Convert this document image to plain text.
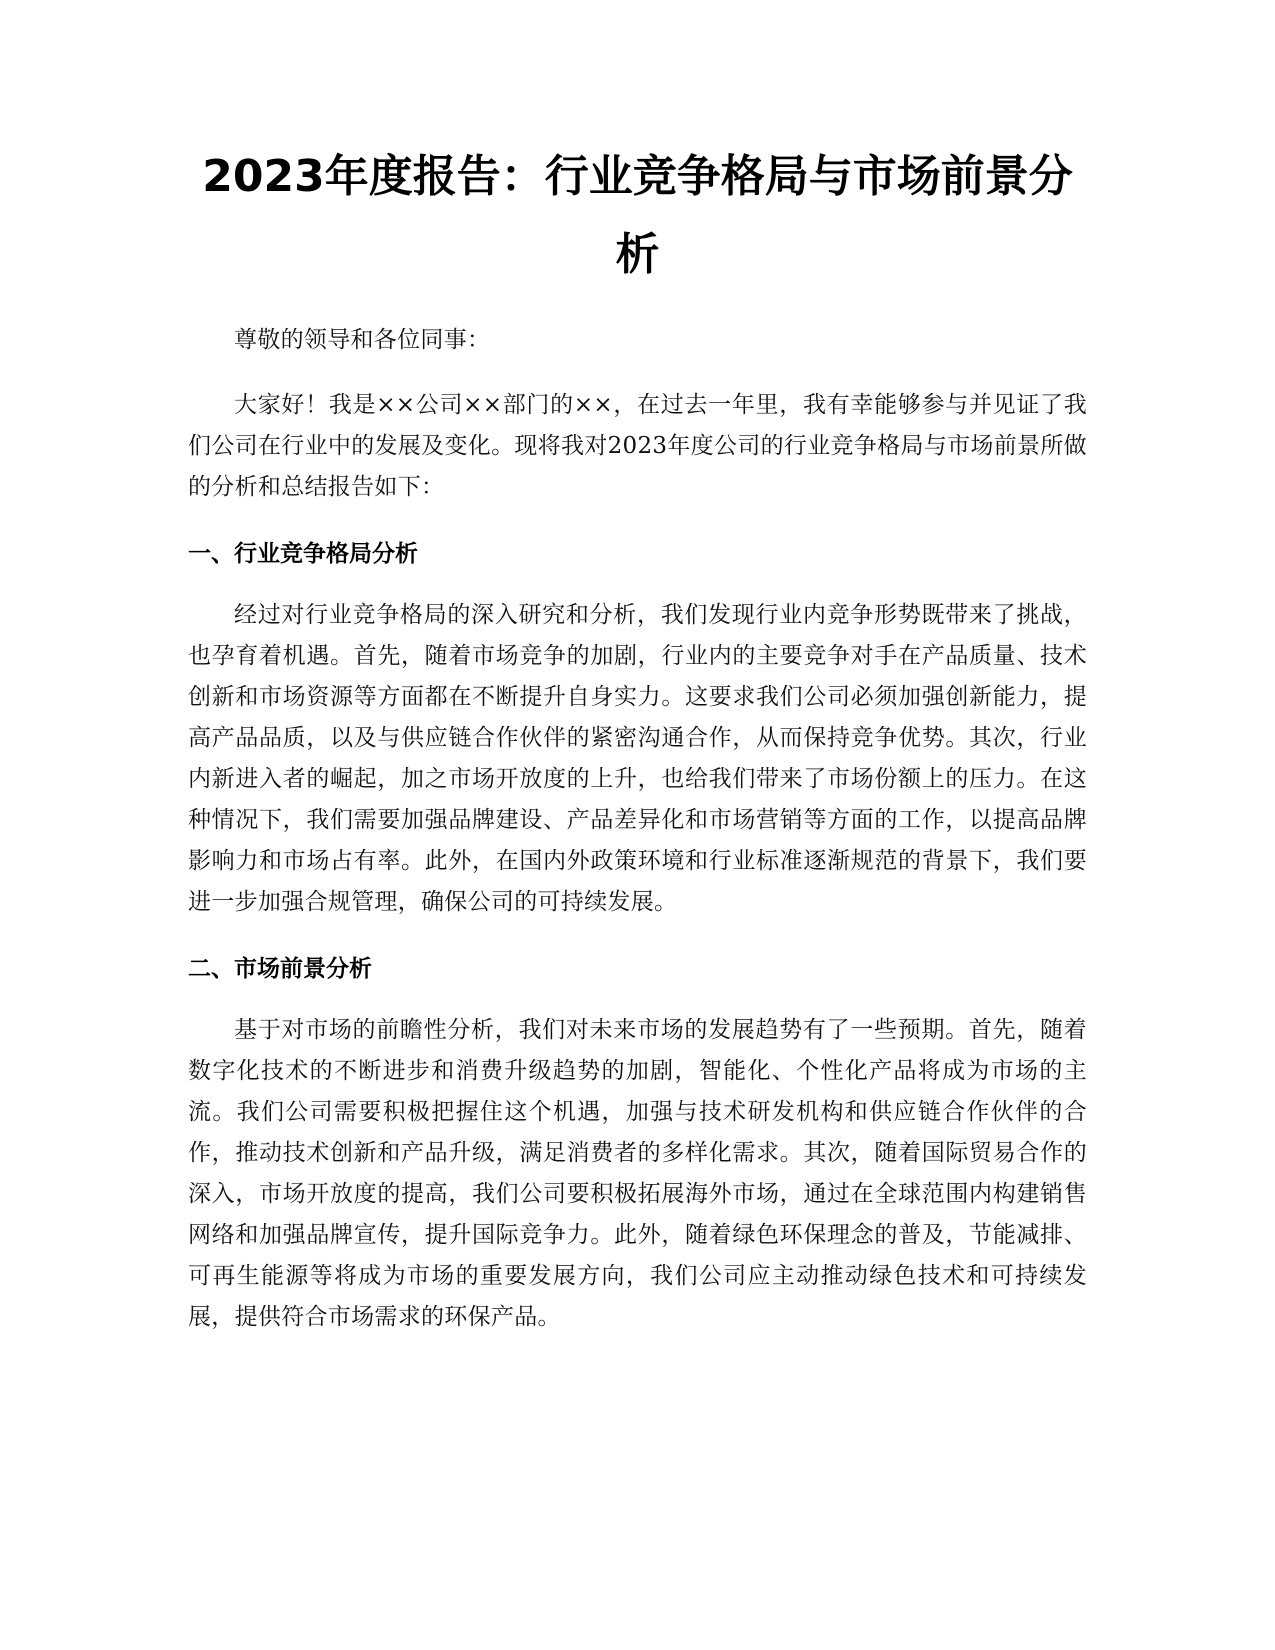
2023年度报告：行业竞争格局与市场前景分析

尊敬的领导和各位同事：

大家好！我是××公司××部门的××，在过去一年里，我有幸能够参与并见证了我们公司在行业中的发展及变化。现将我对2023年度公司的行业竞争格局与市场前景所做的分析和总结报告如下：

一、行业竞争格局分析

经过对行业竞争格局的深入研究和分析，我们发现行业内竞争形势既带来了挑战，也孕育着机遇。首先，随着市场竞争的加剧，行业内的主要竞争对手在产品质量、技术创新和市场资源等方面都在不断提升自身实力。这要求我们公司必须加强创新能力，提高产品品质，以及与供应链合作伙伴的紧密沟通合作，从而保持竞争优势。其次，行业内新进入者的崛起，加之市场开放度的上升，也给我们带来了市场份额上的压力。在这种情况下，我们需要加强品牌建设、产品差异化和市场营销等方面的工作，以提高品牌影响力和市场占有率。此外，在国内外政策环境和行业标准逐渐规范的背景下，我们要进一步加强合规管理，确保公司的可持续发展。

二、市场前景分析

基于对市场的前瞻性分析，我们对未来市场的发展趋势有了一些预期。首先，随着数字化技术的不断进步和消费升级趋势的加剧，智能化、个性化产品将成为市场的主流。我们公司需要积极把握住这个机遇，加强与技术研发机构和供应链合作伙伴的合作，推动技术创新和产品升级，满足消费者的多样化需求。其次，随着国际贸易合作的深入，市场开放度的提高，我们公司要积极拓展海外市场，通过在全球范围内构建销售网络和加强品牌宣传，提升国际竞争力。此外，随着绿色环保理念的普及，节能减排、可再生能源等将成为市场的重要发展方向，我们公司应主动推动绿色技术和可持续发展，提供符合市场需求的环保产品。
